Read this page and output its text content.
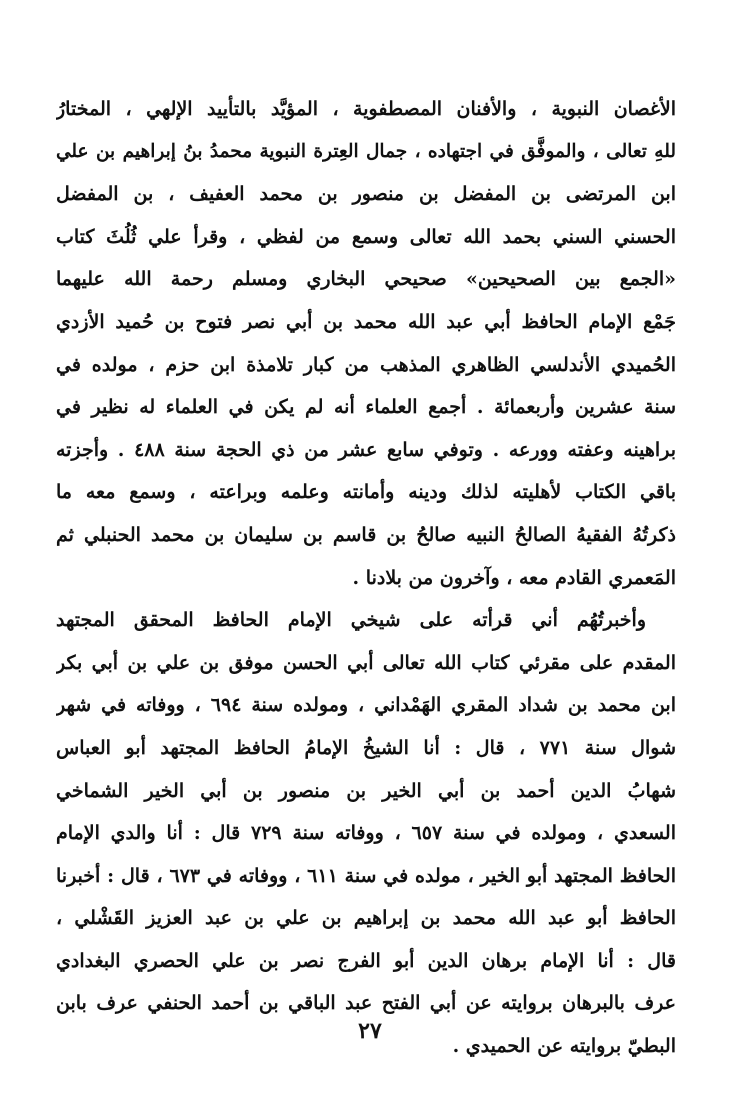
الأغصان النبوية ، والأفنان المصطفوية ، المؤيَّد بالتأييد الإلهي ، المختارُ
للهِ تعالى ، والموفَّق في اجتهاده ، جمال العِترة النبوية محمدُ بنُ إبراهيم بن علي
ابن المرتضى بن المفضل بن منصور بن محمد العفيف ، بن المفضل
الحسني السني بحمد الله تعالى وسمع من لفظي ، وقرأ علي ثُلُثَ كتاب
«الجمع بين الصحيحين» صحيحي البخاري ومسلم رحمة الله عليهما
جَمْع الإمام الحافظ أبي عبد الله محمد بن أبي نصر فتوح بن حُميد الأزدي
الحُميدي الأندلسي الظاهري المذهب من كبار تلامذة ابن حزم ، مولده في
سنة عشرين وأربعمائة . أجمع العلماء أنه لم يكن في العلماء له نظير في
براهينه وعفته وورعه . وتوفي سابع عشر من ذي الحجة سنة ٤٨٨ . وأجزته
باقي الكتاب لأهليته لذلك ودينه وأمانته وعلمه وبراعته ، وسمع معه ما
ذكرتُهُ الفقيهُ الصالحُ النبيه صالحُ بن قاسم بن سليمان بن محمد الحنبلي ثم
المَعمري القادم معه ، وآخرون من بلادنا .
وأخبرتُهُم أني قرأته على شيخي الإمام الحافظ المحقق المجتهد
المقدم على مقرئي كتاب الله تعالى أبي الحسن موفق بن علي بن أبي بكر
ابن محمد بن شداد المقري الهَمْداني ، ومولده سنة ٦٩٤ ، ووفاته في شهر
شوال سنة ٧٧١ ، قال : أنا الشيخُ الإمامُ الحافظ المجتهد أبو العباس
شهابُ الدين أحمد بن أبي الخير بن منصور بن أبي الخير الشماخي
السعدي ، ومولده في سنة ٦٥٧ ، ووفاته سنة ٧٢٩ قال : أنا والدي الإمام
الحافظ المجتهد أبو الخير ، مولده في سنة ٦١١ ، ووفاته في ٦٧٣ ، قال : أخبرنا
الحافظ أبو عبد الله محمد بن إبراهيم بن علي بن عبد العزيز القَشْلي ،
قال : أنا الإمام برهان الدين أبو الفرج نصر بن علي الحصري البغدادي
عرف بالبرهان بروايته عن أبي الفتح عبد الباقي بن أحمد الحنفي عرف بابن
البطيّ بروايته عن الحميدي .
٢٧
